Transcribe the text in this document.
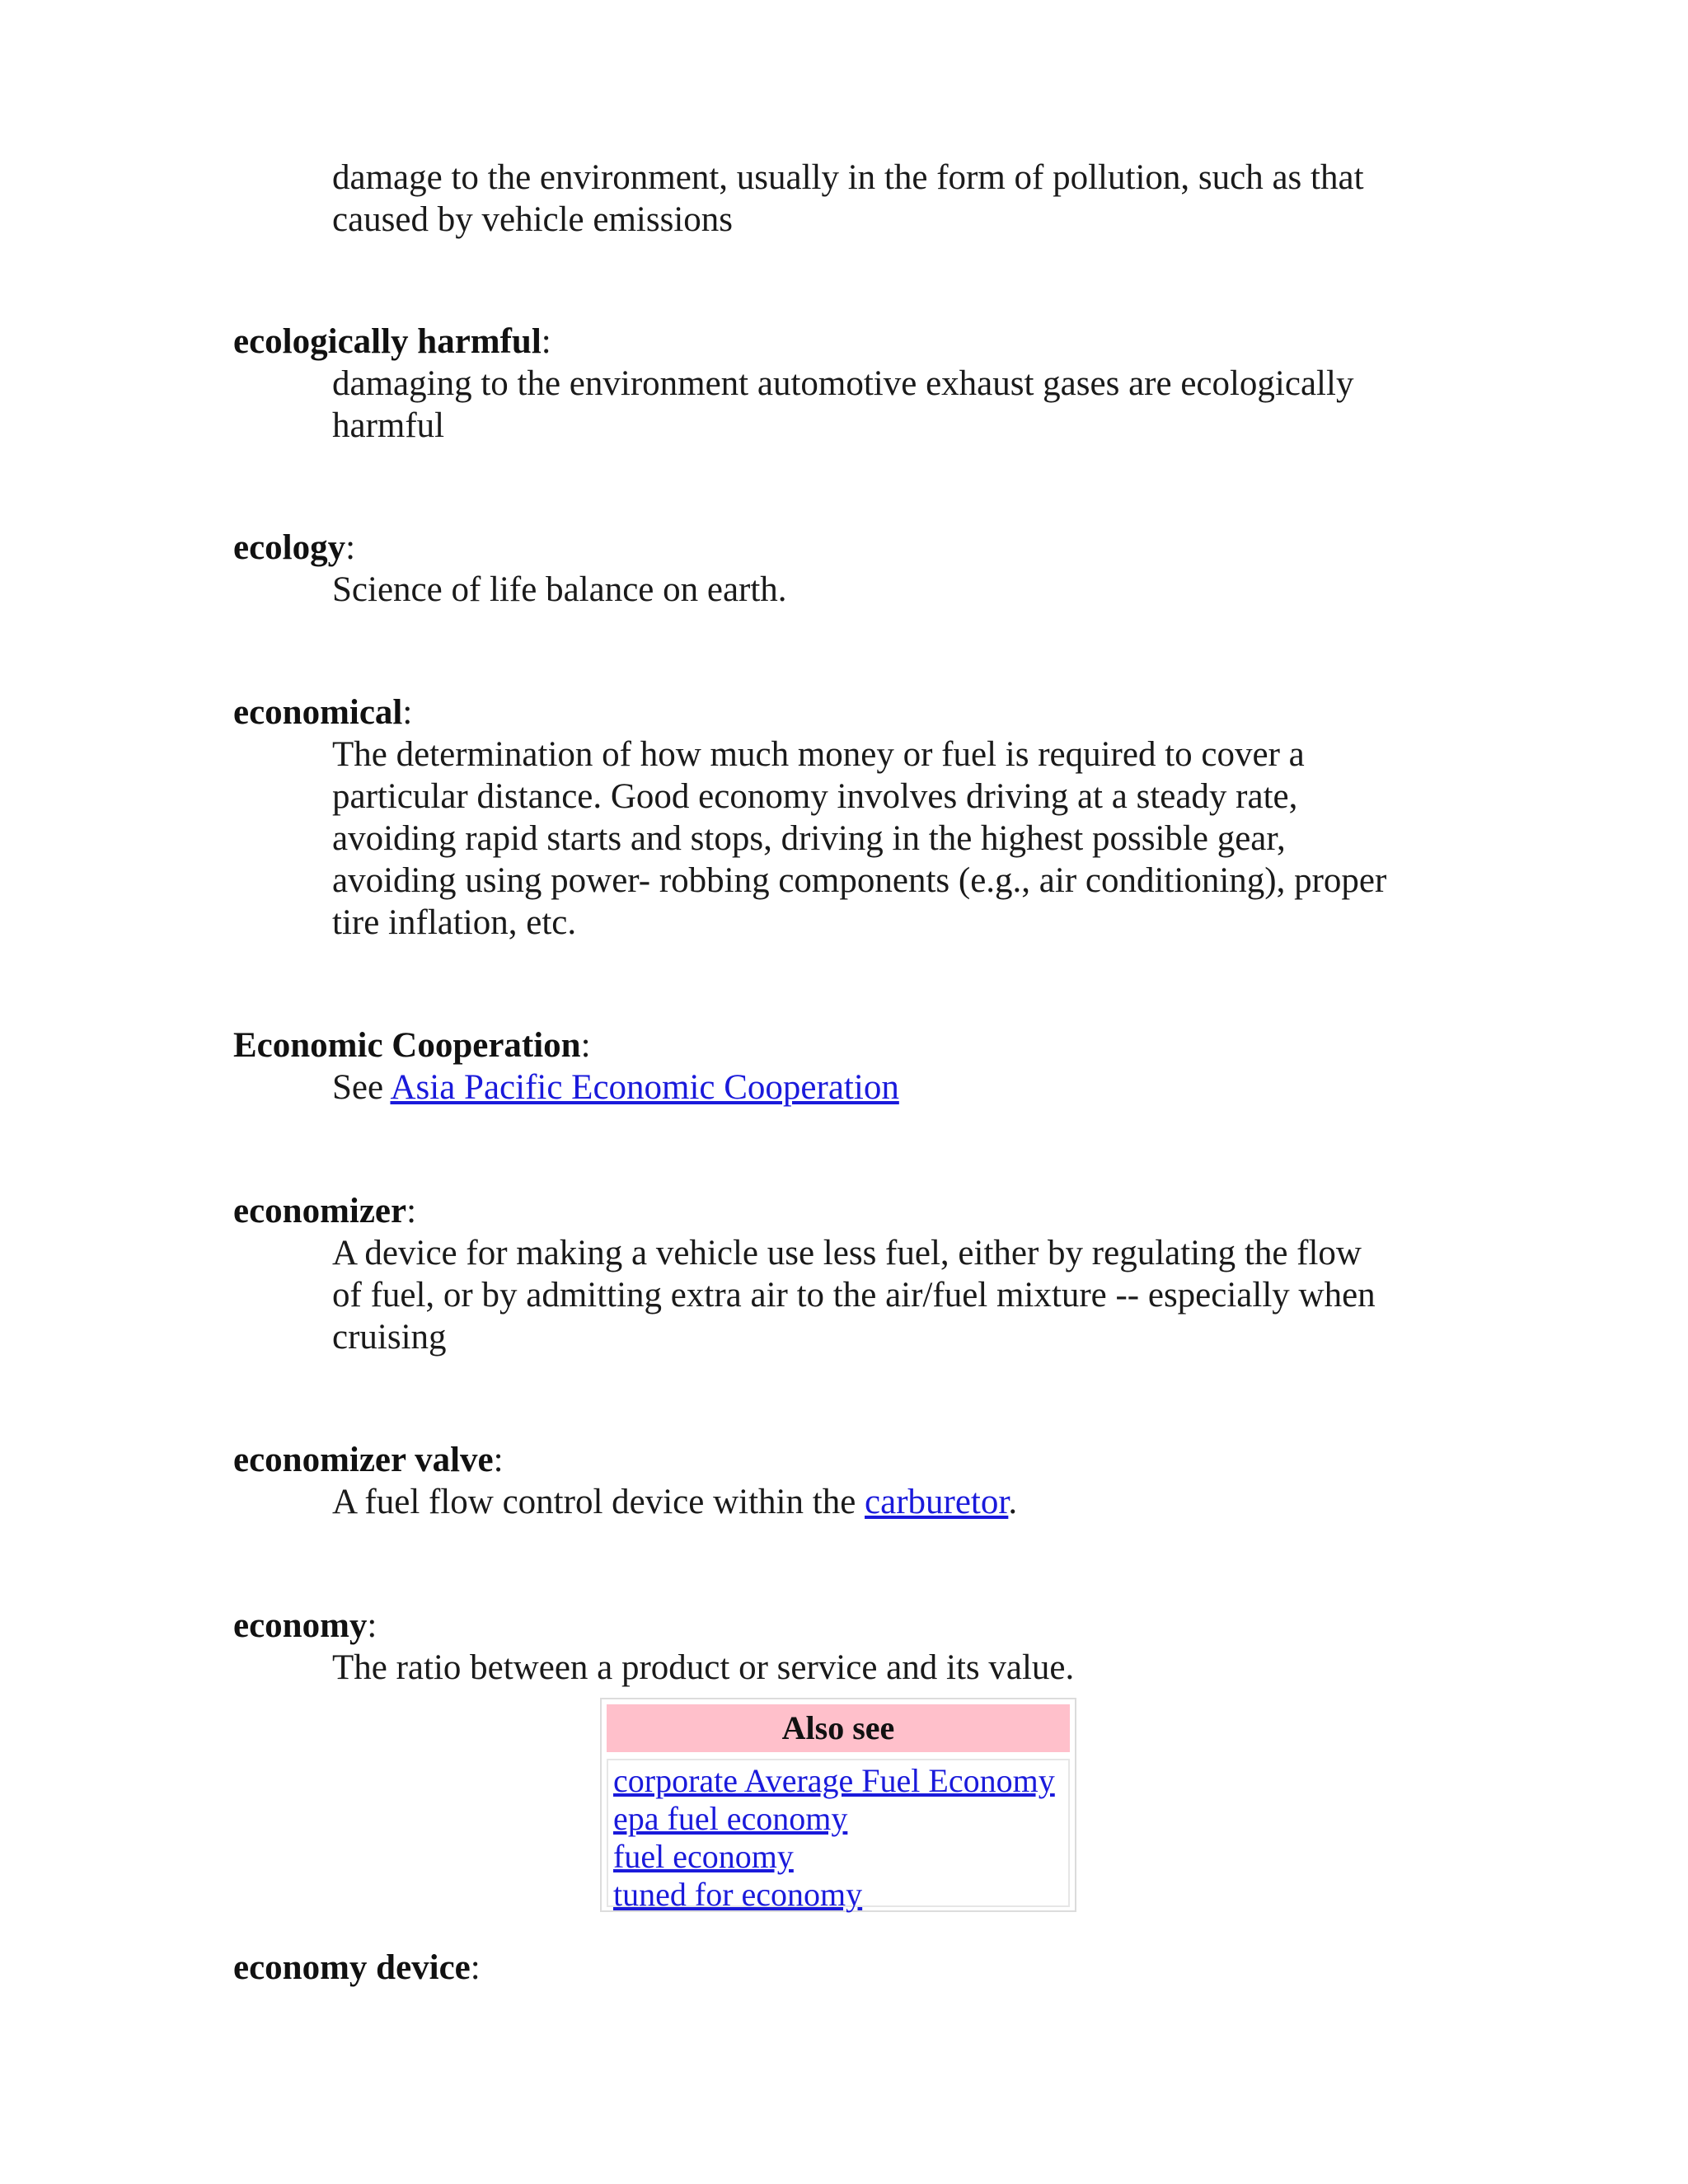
damage to the environment, usually in the form of pollution, such as that
caused by vehicle emissions
ecologically harmful:
damaging to the environment automotive exhaust gases are ecologically
harmful
ecology:
Science of life balance on earth.
economical:
The determination of how much money or fuel is required to cover a
particular distance. Good economy involves driving at a steady rate,
avoiding rapid starts and stops, driving in the highest possible gear,
avoiding using power- robbing components (e.g., air conditioning), proper
tire inflation, etc.
Economic Cooperation:
See Asia Pacific Economic Cooperation
economizer:
A device for making a vehicle use less fuel, either by regulating the flow
of fuel, or by admitting extra air to the air/fuel mixture -- especially when
cruising
economizer valve:
A fuel flow control device within the carburetor.
economy:
The ratio between a product or service and its value.
Also see
corporate Average Fuel Economy
epa fuel economy
fuel economy
tuned for economy
economy device:
